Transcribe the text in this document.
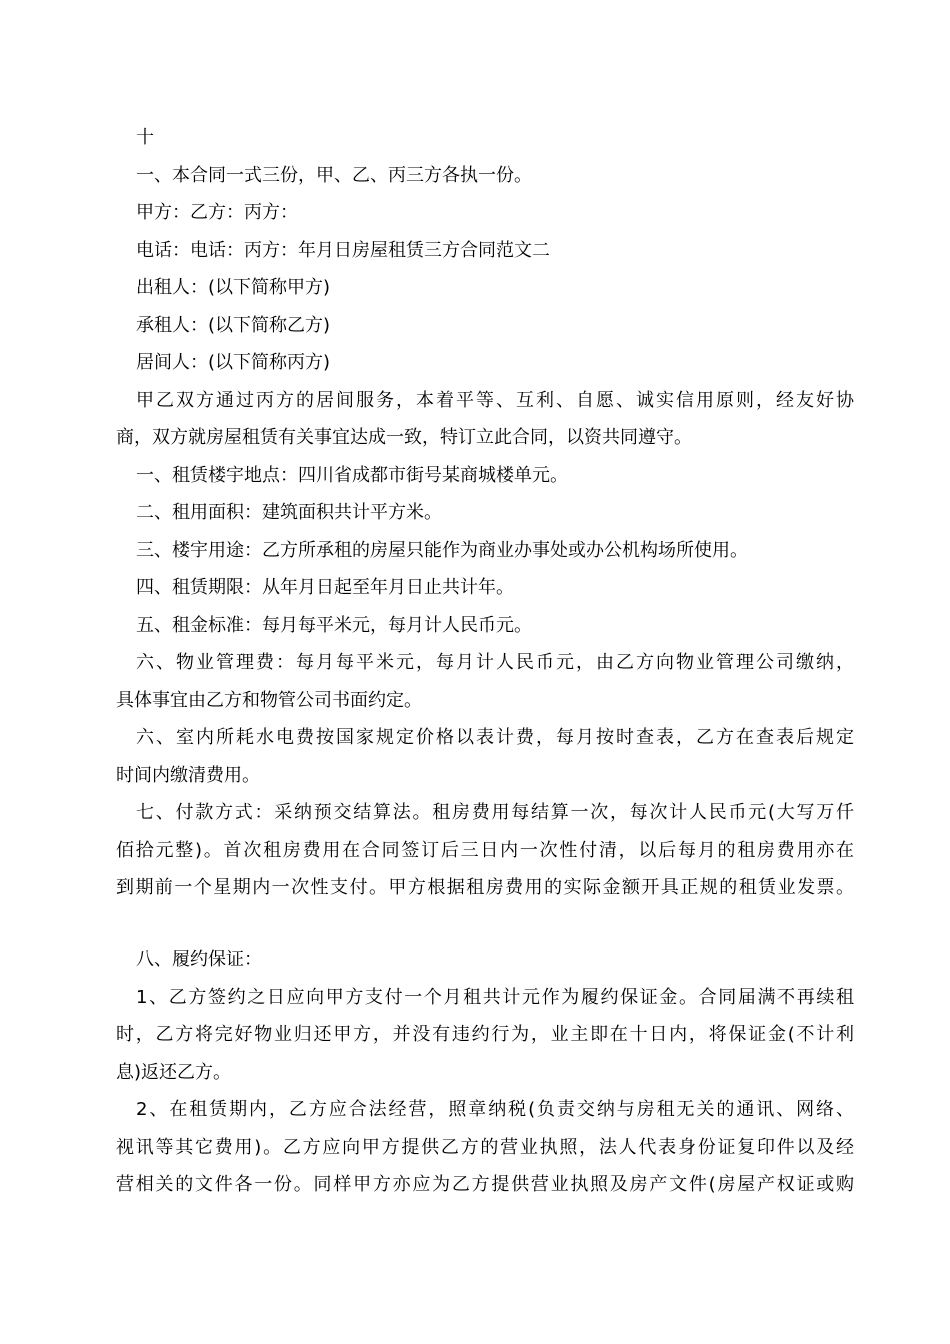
十
一、本合同一式三份，甲、乙、丙三方各执一份。
甲方：乙方：丙方：
电话：电话：丙方：年月日房屋租赁三方合同范文二
出租人：(以下简称甲方)
承租人：(以下简称乙方)
居间人：(以下简称丙方)
甲乙双方通过丙方的居间服务，本着平等、互利、自愿、诚实信用原则，经友好协
商，双方就房屋租赁有关事宜达成一致，特订立此合同，以资共同遵守。
一、租赁楼宇地点：四川省成都市街号某商城楼单元。
二、租用面积：建筑面积共计平方米。
三、楼宇用途：乙方所承租的房屋只能作为商业办事处或办公机构场所使用。
四、租赁期限：从年月日起至年月日止共计年。
五、租金标准：每月每平米元，每月计人民币元。
六、物业管理费：每月每平米元，每月计人民币元，由乙方向物业管理公司缴纳，
具体事宜由乙方和物管公司书面约定。
六、室内所耗水电费按国家规定价格以表计费，每月按时查表，乙方在查表后规定
时间内缴清费用。
七、付款方式：采纳预交结算法。租房费用每结算一次，每次计人民币元(大写万仟
佰拾元整)。首次租房费用在合同签订后三日内一次性付清，以后每月的租房费用亦在
到期前一个星期内一次性支付。甲方根据租房费用的实际金额开具正规的租赁业发票。
八、履约保证：
1、乙方签约之日应向甲方支付一个月租共计元作为履约保证金。合同届满不再续租
时，乙方将完好物业归还甲方，并没有违约行为，业主即在十日内，将保证金(不计利
息)返还乙方。
2、在租赁期内，乙方应合法经营，照章纳税(负责交纳与房租无关的通讯、网络、
视讯等其它费用)。乙方应向甲方提供乙方的营业执照，法人代表身份证复印件以及经
营相关的文件各一份。同样甲方亦应为乙方提供营业执照及房产文件(房屋产权证或购
